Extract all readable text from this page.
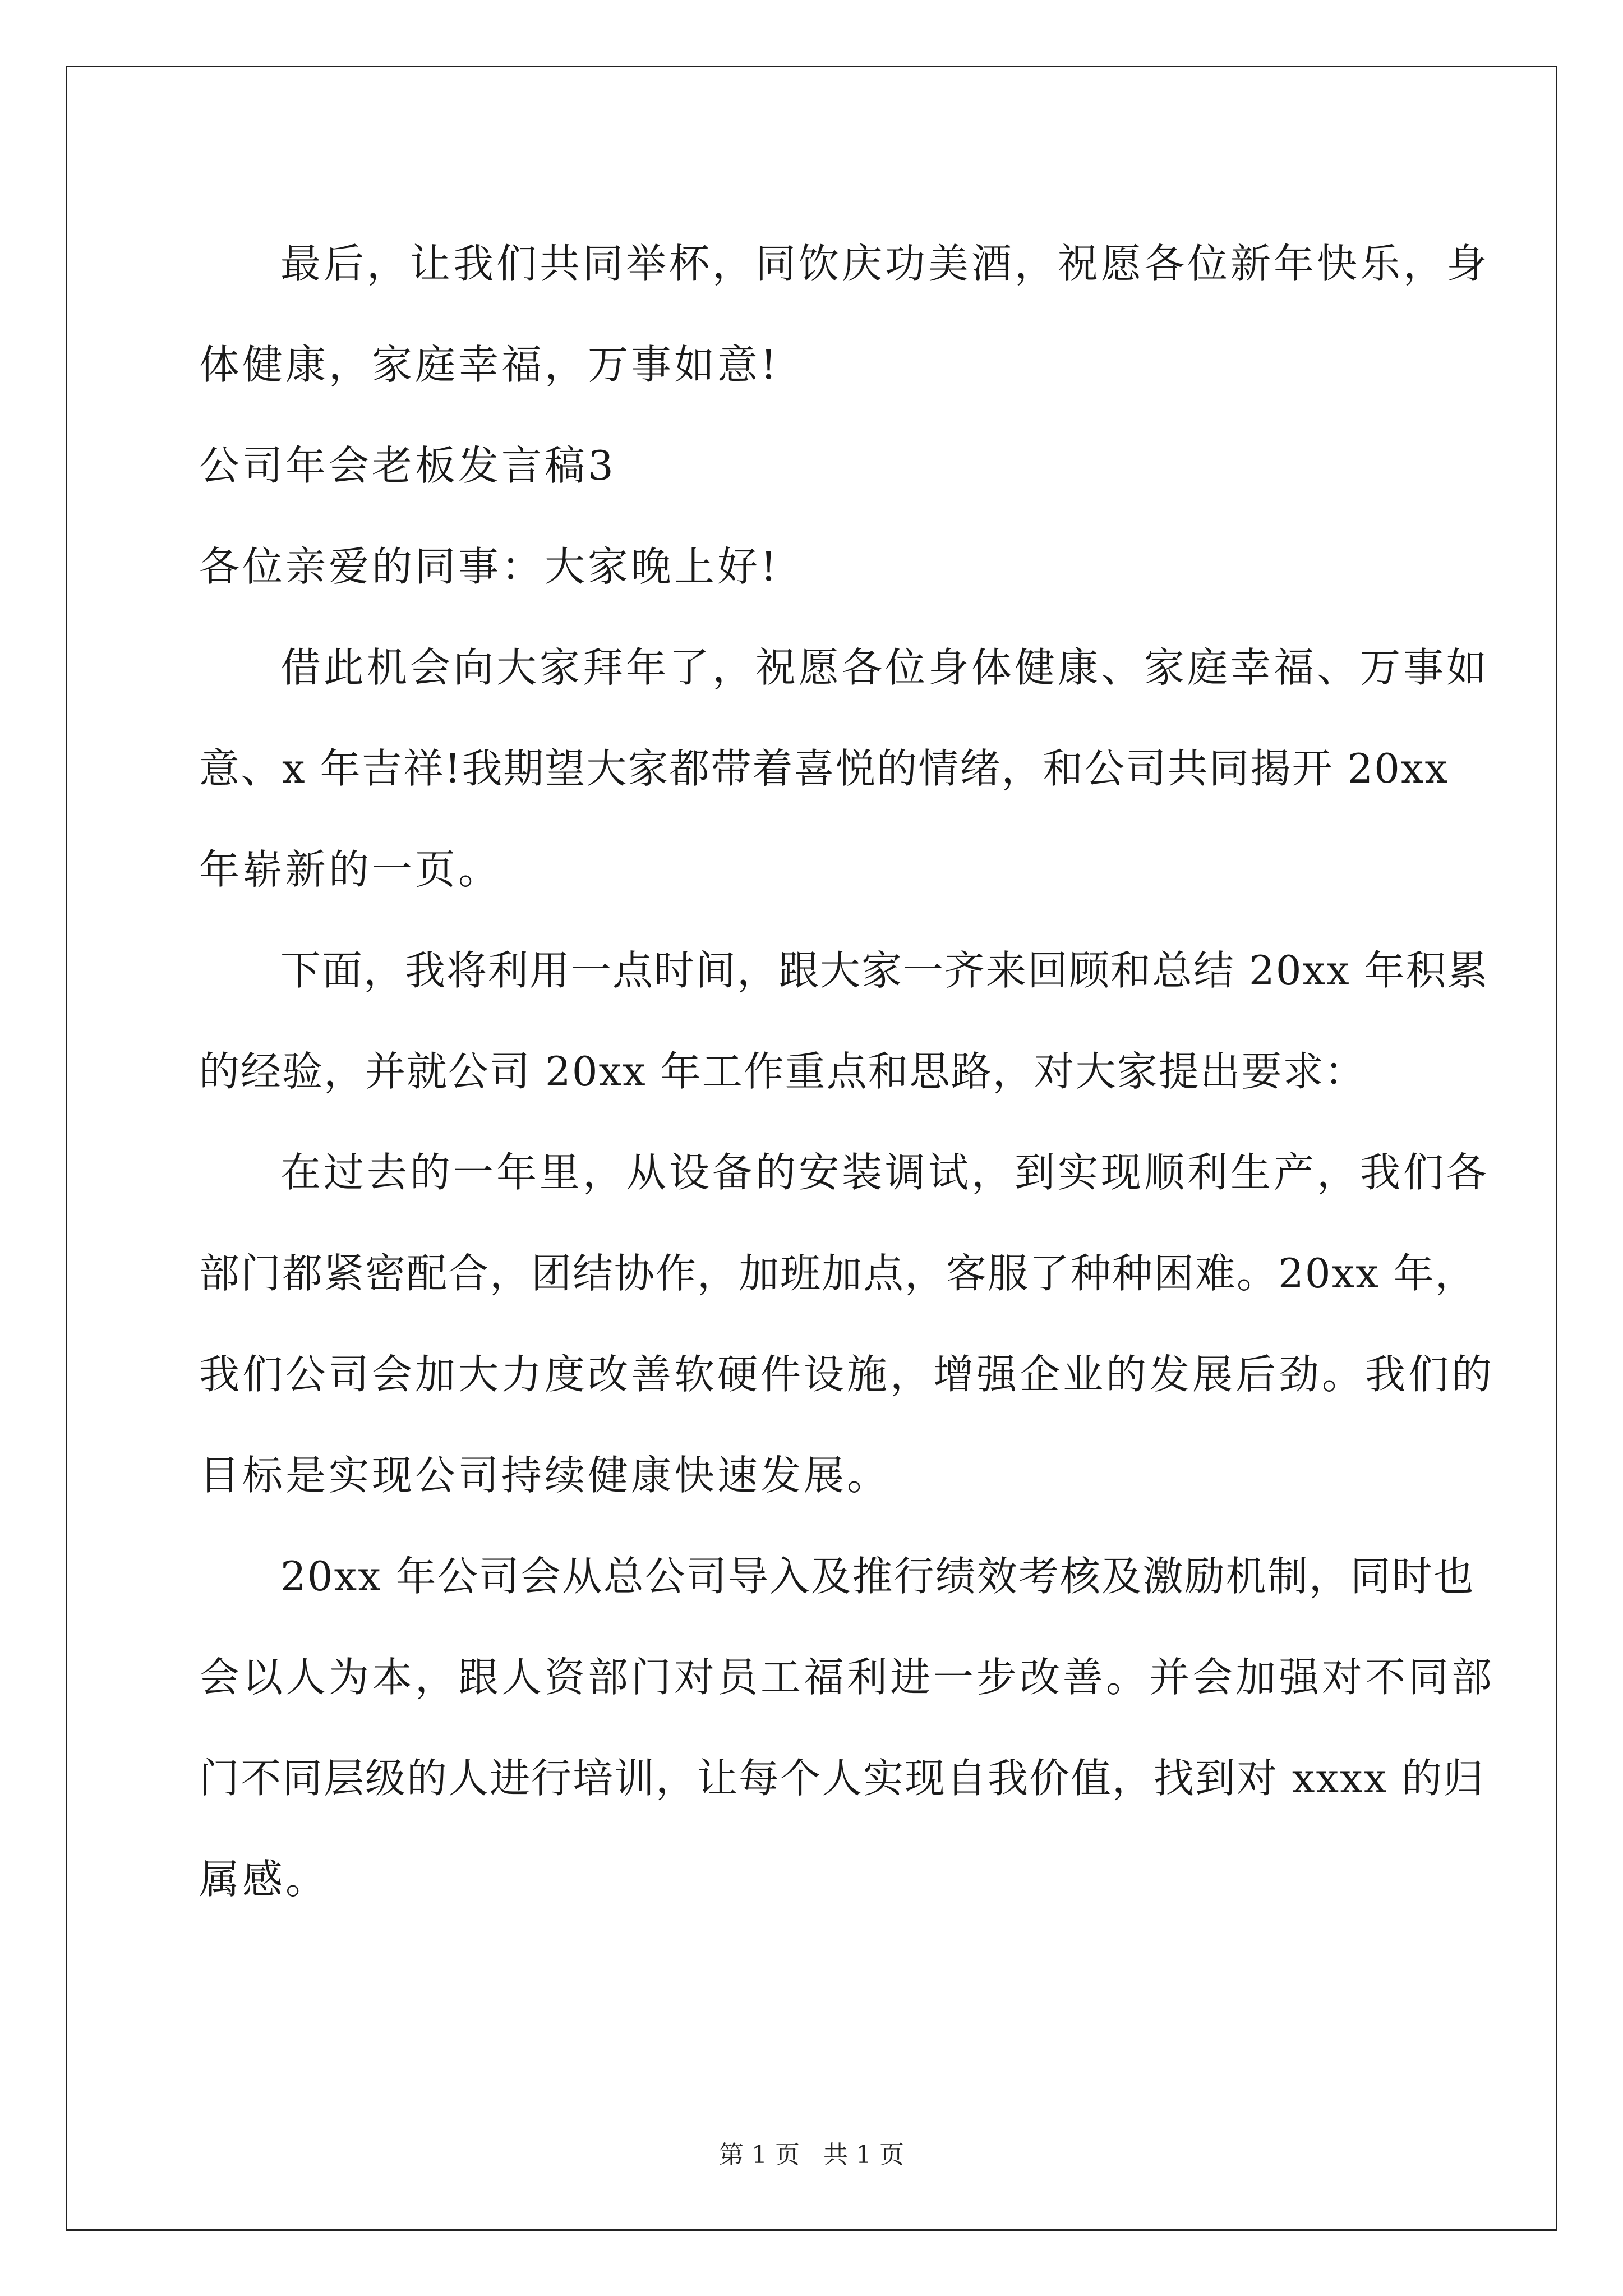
最后，让我们共同举杯，同饮庆功美酒，祝愿各位新年快乐，身
体健康，家庭幸福，万事如意!
公司年会老板发言稿3
各位亲爱的同事：大家晚上好!
借此机会向大家拜年了，祝愿各位身体健康、家庭幸福、万事如
意、x 年吉祥!我期望大家都带着喜悦的情绪，和公司共同揭开 20xx
年崭新的一页。
下面，我将利用一点时间，跟大家一齐来回顾和总结 20xx 年积累
的经验，并就公司 20xx 年工作重点和思路，对大家提出要求：
在过去的一年里，从设备的安装调试，到实现顺利生产，我们各
部门都紧密配合，团结协作，加班加点，客服了种种困难。20xx 年，
我们公司会加大力度改善软硬件设施，增强企业的发展后劲。我们的
目标是实现公司持续健康快速发展。
20xx 年公司会从总公司导入及推行绩效考核及激励机制，同时也
会以人为本，跟人资部门对员工福利进一步改善。并会加强对不同部
门不同层级的人进行培训，让每个人实现自我价值，找到对 xxxx 的归
属感。
第 1 页   共 1 页
